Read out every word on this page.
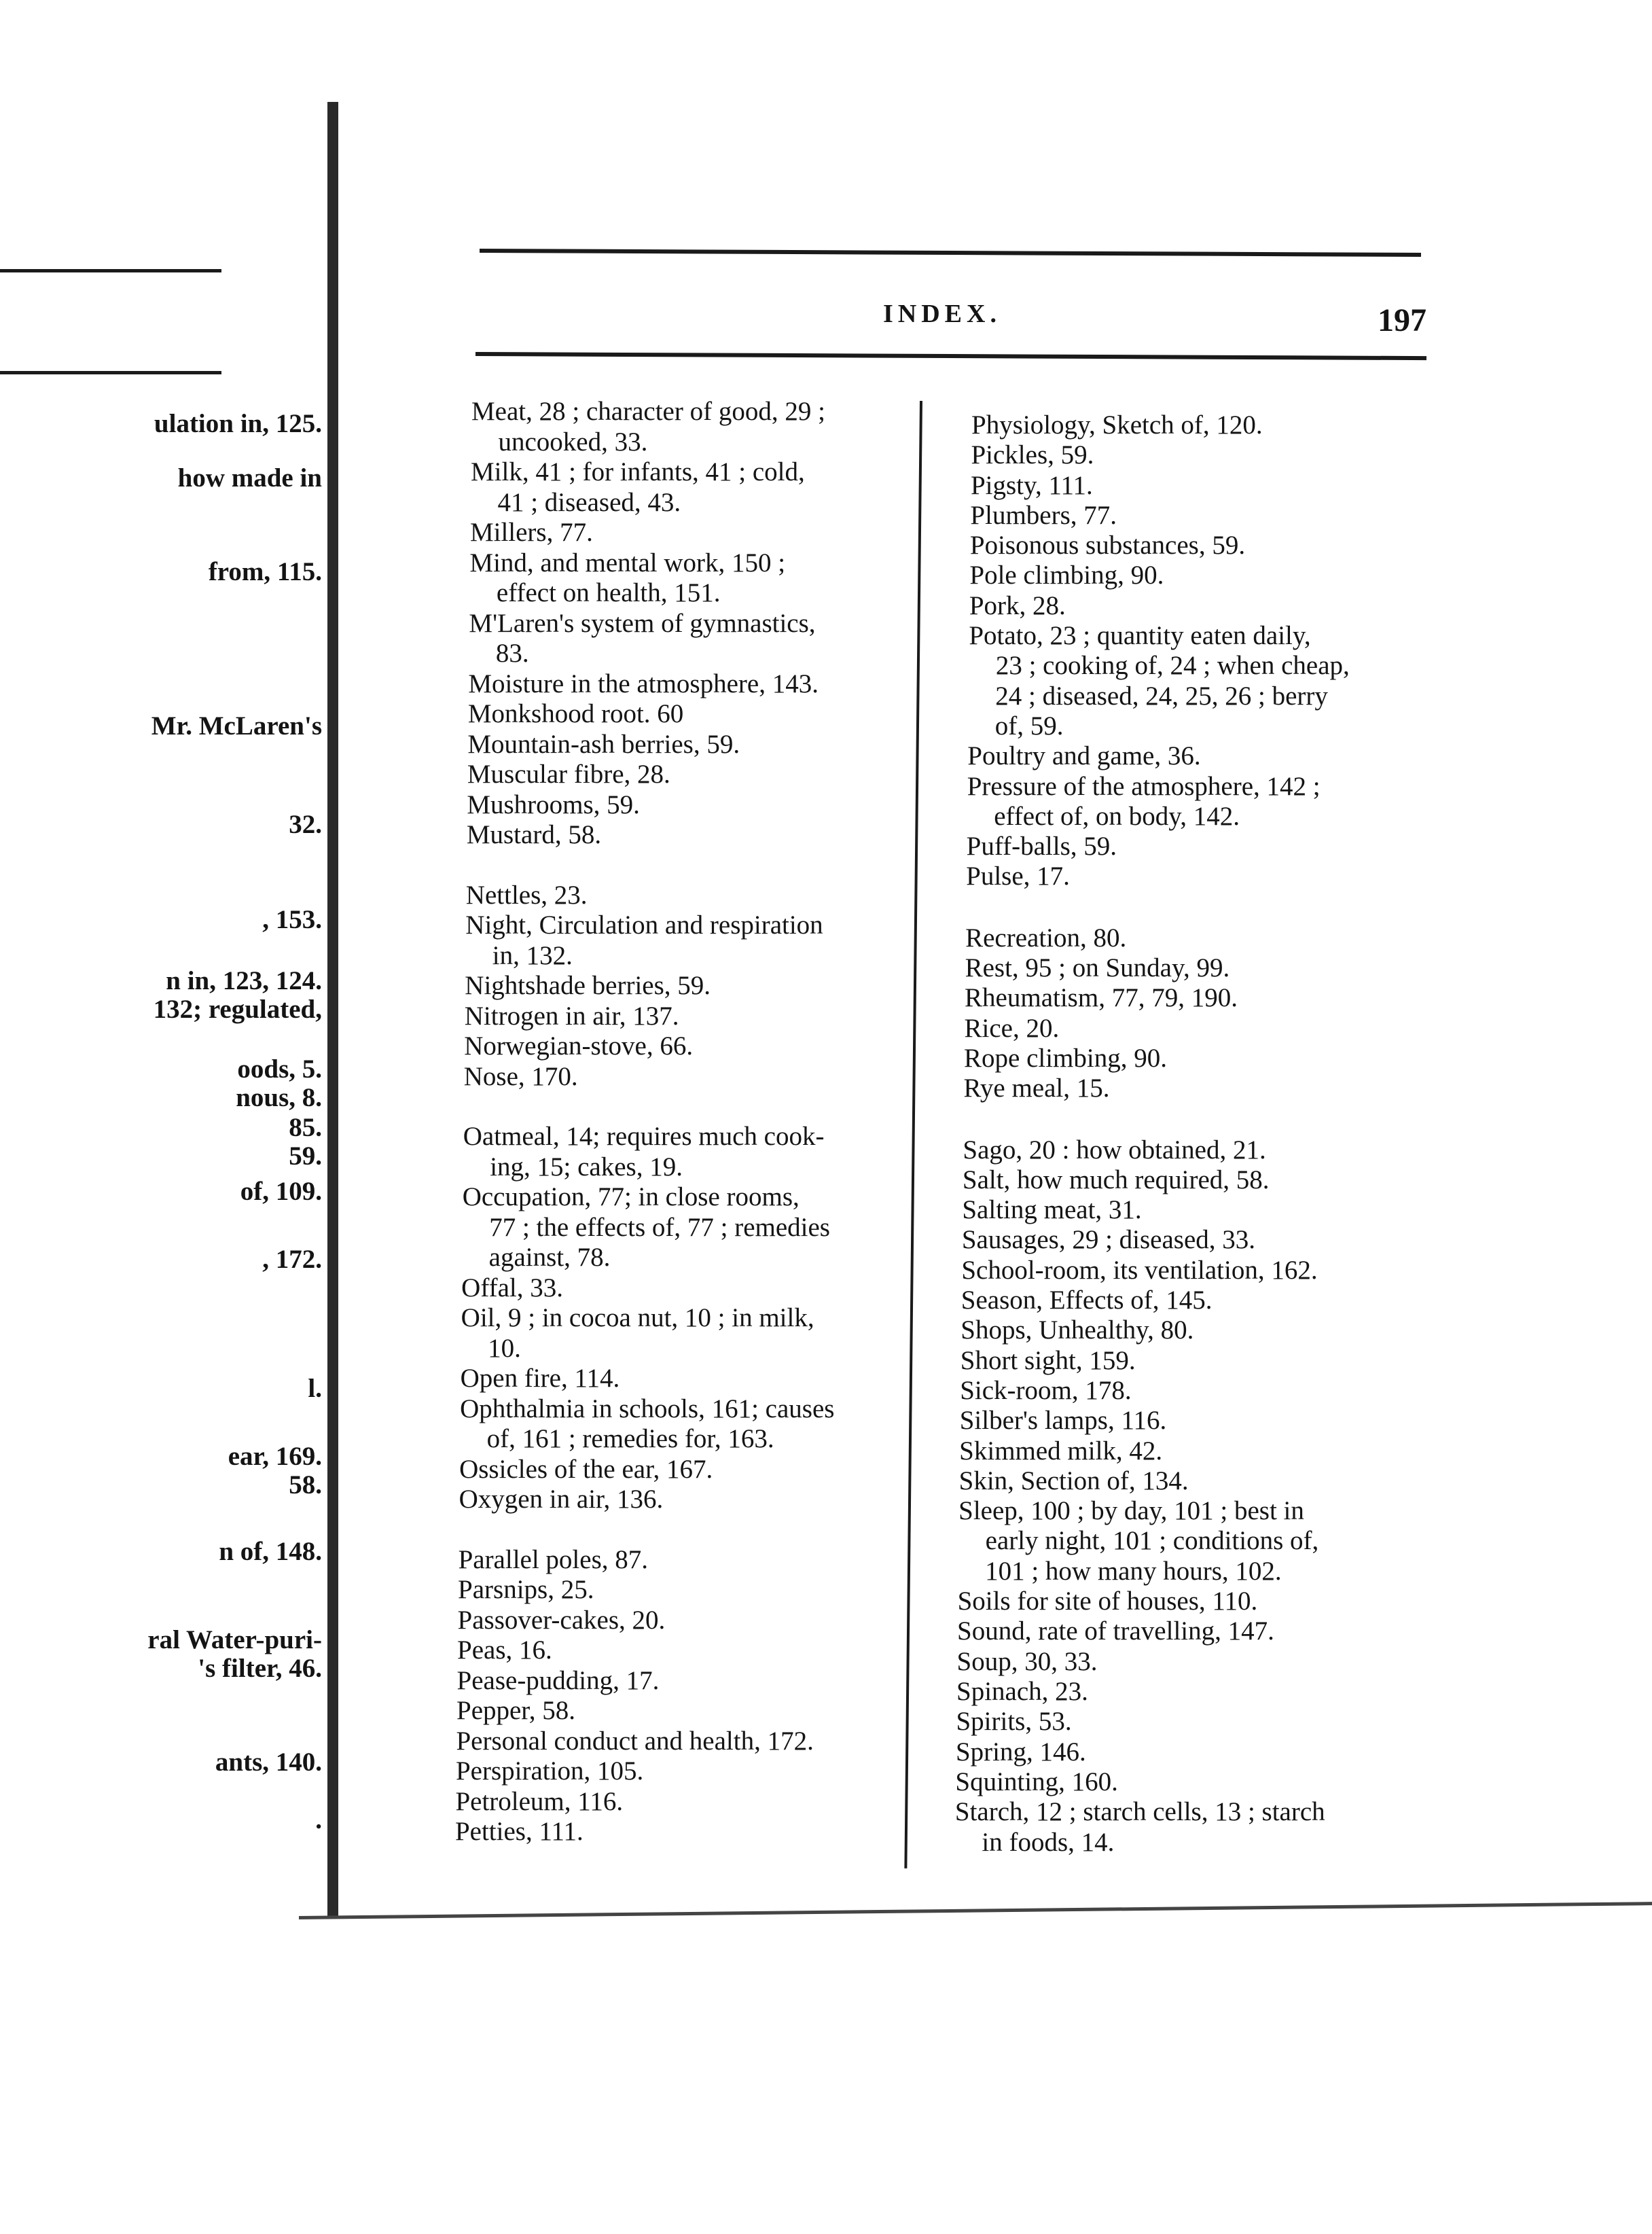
ulation in, 125.
how made in
from, 115.
Mr. McLaren's
32.
, 153.
n in, 123, 124.
132; regulated,
oods, 5.
nous, 8.
85.
59.
of, 109.
, 172.
l.
ear, 169.
58.
n of, 148.
ral Water-puri-
's filter, 46.
ants, 140.
.
INDEX.	197
Meat, 28 ; character of good, 29 ;
uncooked, 33.
Milk, 41 ; for infants, 41 ; cold,
41 ; diseased, 43.
Millers, 77.
Mind, and mental work, 150 ;
effect on health, 151.
M'Laren's system of gymnastics,
83.
Moisture in the atmosphere, 143.
Monkshood root. 60
Mountain-ash berries, 59.
Muscular fibre, 28.
Mushrooms, 59.
Mustard, 58.
Nettles, 23.
Night, Circulation and respiration
in, 132.
Nightshade berries, 59.
Nitrogen in air, 137.
Norwegian-stove, 66.
Nose, 170.
Oatmeal, 14; requires much cook-
ing, 15; cakes, 19.
Occupation, 77; in close rooms,
77 ; the effects of, 77 ; remedies
against, 78.
Offal, 33.
Oil, 9 ; in cocoa nut, 10 ; in milk,
10.
Open fire, 114.
Ophthalmia in schools, 161; causes
of, 161 ; remedies for, 163.
Ossicles of the ear, 167.
Oxygen in air, 136.
Parallel poles, 87.
Parsnips, 25.
Passover-cakes, 20.
Peas, 16.
Pease-pudding, 17.
Pepper, 58.
Personal conduct and health, 172.
Perspiration, 105.
Petroleum, 116.
Petties, 111.
Physiology, Sketch of, 120.
Pickles, 59.
Pigsty, 111.
Plumbers, 77.
Poisonous substances, 59.
Pole climbing, 90.
Pork, 28.
Potato, 23 ; quantity eaten daily,
23 ; cooking of, 24 ; when cheap,
24 ; diseased, 24, 25, 26 ; berry
of, 59.
Poultry and game, 36.
Pressure of the atmosphere, 142 ;
effect of, on body, 142.
Puff-balls, 59.
Pulse, 17.
Recreation, 80.
Rest, 95 ; on Sunday, 99.
Rheumatism, 77, 79, 190.
Rice, 20.
Rope climbing, 90.
Rye meal, 15.
Sago, 20 : how obtained, 21.
Salt, how much required, 58.
Salting meat, 31.
Sausages, 29 ; diseased, 33.
School-room, its ventilation, 162.
Season, Effects of, 145.
Shops, Unhealthy, 80.
Short sight, 159.
Sick-room, 178.
Silber's lamps, 116.
Skimmed milk, 42.
Skin, Section of, 134.
Sleep, 100 ; by day, 101 ; best in
early night, 101 ; conditions of,
101 ; how many hours, 102.
Soils for site of houses, 110.
Sound, rate of travelling, 147.
Soup, 30, 33.
Spinach, 23.
Spirits, 53.
Spring, 146.
Squinting, 160.
Starch, 12 ; starch cells, 13 ; starch
in foods, 14.
